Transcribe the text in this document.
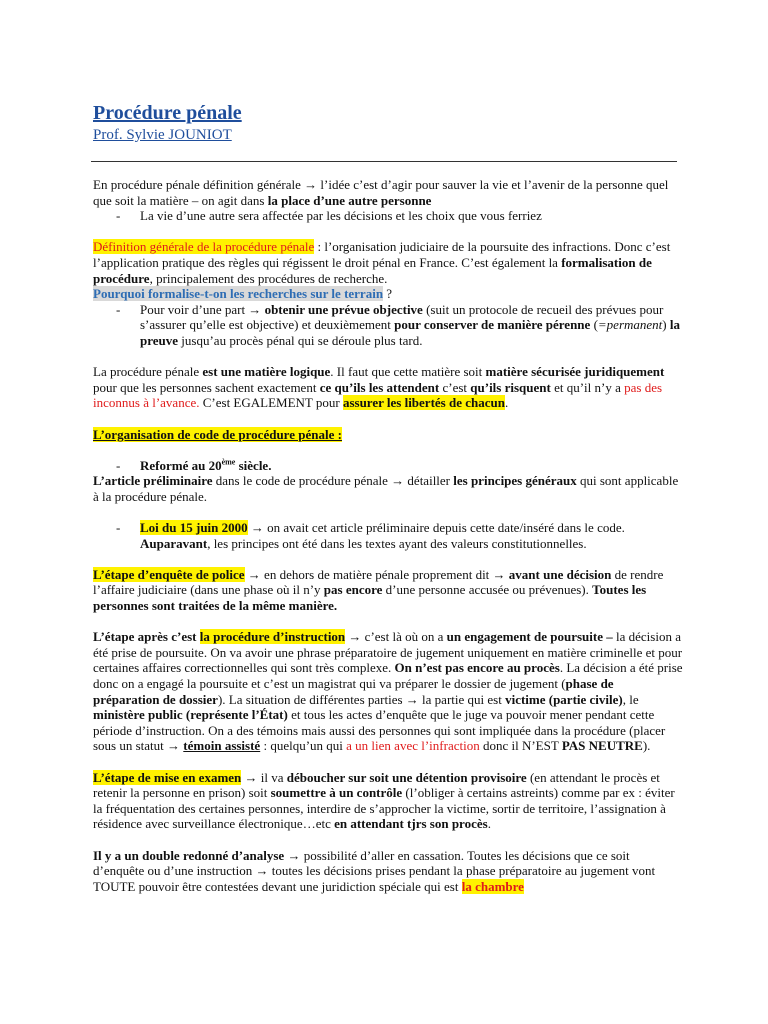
Procédure pénale
Prof. Sylvie JOUNIOT

En procédure pénale définition générale → l’idée c’est d’agir pour sauver la vie et l’avenir de la personne quel que soit la matière – on agit dans la place d’une autre personne

- La vie d’une autre sera affectée par les décisions et les choix que vous ferriez

Définition générale de la procédure pénale : l’organisation judiciaire de la poursuite des infractions. Donc c’est l’application pratique des règles qui régissent le droit pénal en France. C’est également la formalisation de procédure, principalement des procédures de recherche.

Pourquoi formalise-t-on les recherches sur le terrain ?

- Pour voir d’une part → obtenir une prévue objective (suit un protocole de recueil des prévues pour s’assurer qu’elle est objective) et deuxièmement pour conserver de manière pérenne (=permanent) la preuve jusqu’au procès pénal qui se déroule plus tard.

La procédure pénale est une matière logique. Il faut que cette matière soit matière sécurisée juridiquement pour que les personnes sachent exactement ce qu’ils les attendent c’est qu’ils risquent et qu’il n’y a pas des inconnus à l’avance. C’est EGALEMENT pour assurer les libertés de chacun.

L’organisation de code de procédure pénale :

- Reformé au 20ème siècle.

L’article préliminaire dans le code de procédure pénale → détailler les principes généraux qui sont applicable à la procédure pénale.

- Loi du 15 juin 2000 → on avait cet article préliminaire depuis cette date/inséré dans le code. Auparavant, les principes ont été dans les textes ayant des valeurs constitutionnelles.

L’étape d’enquête de police → en dehors de matière pénale proprement dit → avant une décision de rendre l’affaire judiciaire (dans une phase où il n’y pas encore d’une personne accusée ou prévenues). Toutes les personnes sont traitées de la même manière.

L’étape après c’est la procédure d’instruction → c’est là où on a un engagement de poursuite – la décision a été prise de poursuite. On va avoir une phrase préparatoire de jugement uniquement en matière criminelle et pour certaines affaires correctionnelles qui sont très complexe. On n’est pas encore au procès. La décision a été prise donc on a engagé la poursuite et c’est un magistrat qui va préparer le dossier de jugement (phase de préparation de dossier). La situation de différentes parties → la partie qui est victime (partie civile), le ministère public (représente l’État) et tous les actes d’enquête que le juge va pouvoir mener pendant cette période d’instruction. On a des témoins mais aussi des personnes qui sont impliquée dans la procédure (placer sous un statut → témoin assisté : quelqu’un qui a un lien avec l’infraction donc il N’EST PAS NEUTRE).

L’étape de mise en examen → il va déboucher sur soit une détention provisoire (en attendant le procès et retenir la personne en prison) soit soumettre à un contrôle (l’obliger à certains astreints) comme par ex : éviter la fréquentation des certaines personnes, interdire de s’approcher la victime, sortir de territoire, l’assignation à résidence avec surveillance électronique…etc en attendant tjrs son procès.

Il y a un double redonné d’analyse → possibilité d’aller en cassation. Toutes les décisions que ce soit d’enquête ou d’une instruction → toutes les décisions prises pendant la phase préparatoire au jugement vont TOUTE pouvoir être contestées devant une juridiction spéciale qui est la chambre
